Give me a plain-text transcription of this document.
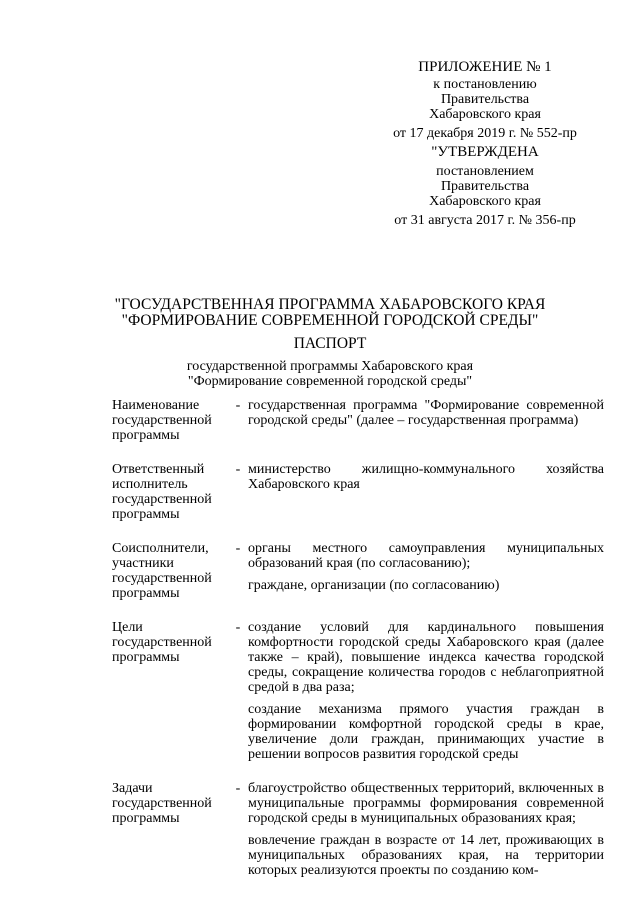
ПРИЛОЖЕНИЕ № 1
к постановлению
Правительства
Хабаровского края
от 17 декабря 2019 г. № 552-пр
"УТВЕРЖДЕНА
постановлением
Правительства
Хабаровского края
от 31 августа 2017 г. № 356-пр
"ГОСУДАРСТВЕННАЯ ПРОГРАММА ХАБАРОВСКОГО КРАЯ
"ФОРМИРОВАНИЕ СОВРЕМЕННОЙ ГОРОДСКОЙ СРЕДЫ"
ПАСПОРТ
государственной программы Хабаровского края
"Формирование современной городской среды"
Наименование государственной программы
- государственная программа "Формирование современной городской среды" (далее – государственная программа)

Ответственный исполнитель государственной программы
- министерство жилищно-коммунального хозяйства Хабаровского края

Соисполнители, участники государственной программы
- органы местного самоуправления муниципальных образований края (по согласованию);

граждане, организации (по согласованию)

Цели государственной программы
- создание условий для кардинального повышения комфортности городской среды Хабаровского края (далее также – край), повышение индекса качества городской среды, сокращение количества городов с неблагоприятной средой в два раза;

создание механизма прямого участия граждан в формировании комфортной городской среды в крае, увеличение доли граждан, принимающих участие в решении вопросов развития городской среды

Задачи государственной программы
- благоустройство общественных территорий, включенных в муниципальные программы формирования современной городской среды в муниципальных образованиях края;

вовлечение граждан в возрасте от 14 лет, проживающих в муниципальных образованиях края, на территории которых реализуются проекты по созданию ком-
